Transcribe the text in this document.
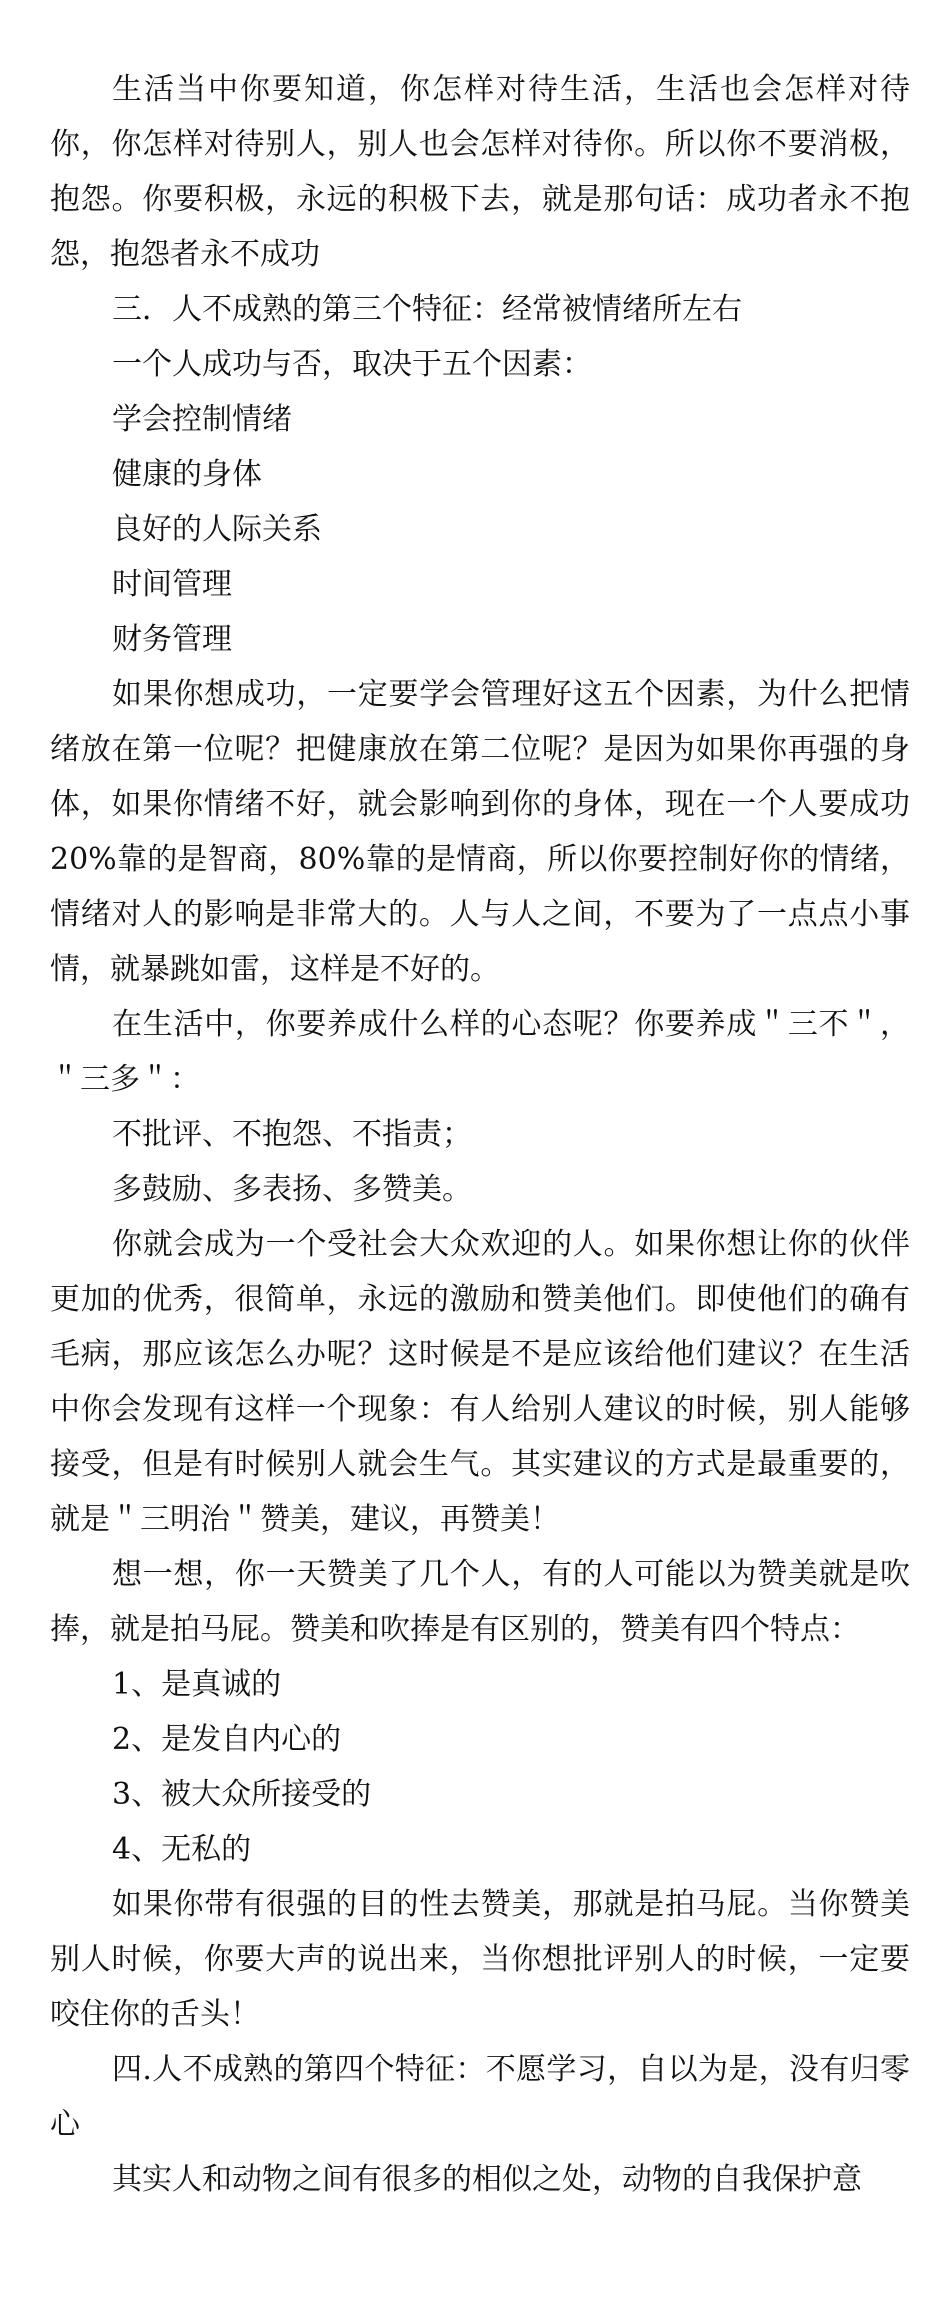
生活当中你要知道，你怎样对待生活，生活也会怎样对待你，你怎样对待别人，别人也会怎样对待你。所以你不要消极，抱怨。你要积极，永远的积极下去，就是那句话：成功者永不抱怨，抱怨者永不成功

三．人不成熟的第三个特征：经常被情绪所左右

一个人成功与否，取决于五个因素：

学会控制情绪

健康的身体

良好的人际关系

时间管理

财务管理

如果你想成功，一定要学会管理好这五个因素，为什么把情绪放在第一位呢？把健康放在第二位呢？是因为如果你再强的身体，如果你情绪不好，就会影响到你的身体，现在一个人要成功20%靠的是智商，80%靠的是情商，所以你要控制好你的情绪，情绪对人的影响是非常大的。人与人之间，不要为了一点点小事情，就暴跳如雷，这样是不好的。

在生活中，你要养成什么样的心态呢？你要养成＂三不＂，＂三多＂：

不批评、不抱怨、不指责；

多鼓励、多表扬、多赞美。

你就会成为一个受社会大众欢迎的人。如果你想让你的伙伴更加的优秀，很简单，永远的激励和赞美他们。即使他们的确有毛病，那应该怎么办呢？这时候是不是应该给他们建议？在生活中你会发现有这样一个现象：有人给别人建议的时候，别人能够接受，但是有时候别人就会生气。其实建议的方式是最重要的，就是＂三明治＂赞美，建议，再赞美！

想一想，你一天赞美了几个人，有的人可能以为赞美就是吹捧，就是拍马屁。赞美和吹捧是有区别的，赞美有四个特点：

1、是真诚的

2、是发自内心的

3、被大众所接受的

4、无私的

如果你带有很强的目的性去赞美，那就是拍马屁。当你赞美别人时候，你要大声的说出来，当你想批评别人的时候，一定要咬住你的舌头！

四.人不成熟的第四个特征：不愿学习，自以为是，没有归零心

其实人和动物之间有很多的相似之处，动物的自我保护意
